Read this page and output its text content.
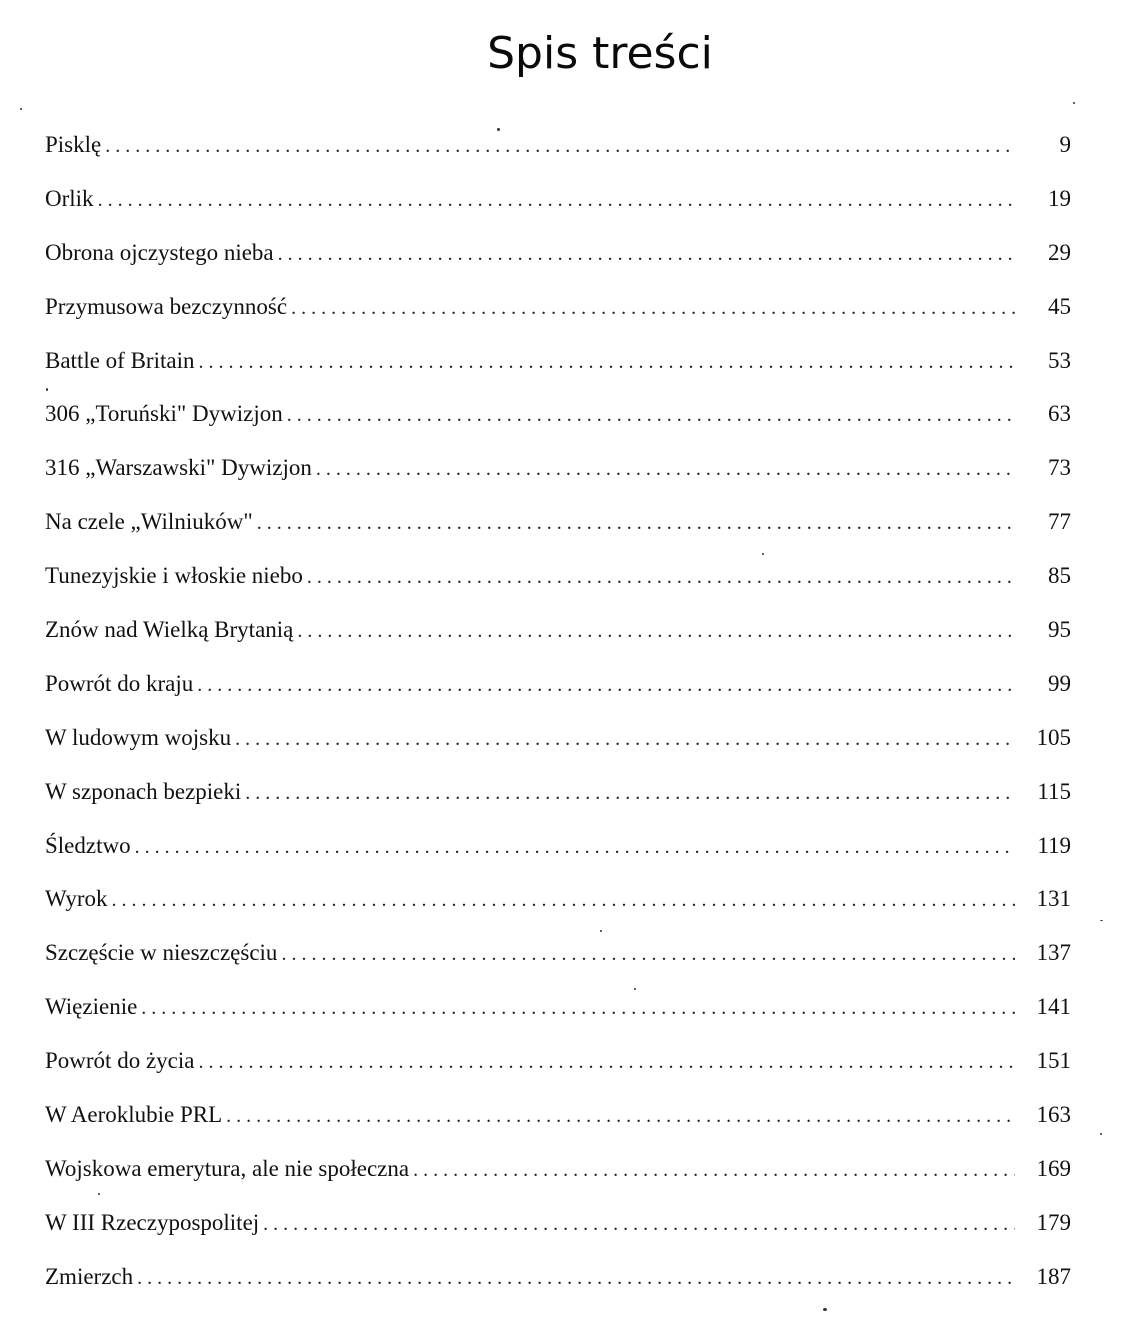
Spis treści
Pisklę . . .	9
Orlik . . .	19
Obrona ojczystego nieba . . .	29
Przymusowa bezczynność . . .	45
Battle of Britain . . .	53
306 „Toruński" Dywizjon . . .	63
316 „Warszawski" Dywizjon . . .	73
Na czele „Wilniuków" . . .	77
Tunezyjskie i włoskie niebo . . .	85
Znów nad Wielką Brytanią . . .	95
Powrót do kraju . . .	99
W ludowym wojsku . . .	105
W szponach bezpieki . . .	115
Śledztwo . . .	119
Wyrok . . .	131
Szczęście w nieszczęściu . . .	137
Więzienie . . .	141
Powrót do życia . . .	151
W Aeroklubie PRL . . .	163
Wojskowa emerytura, ale nie społeczna . . .	169
W III Rzeczypospolitej . . .	179
Zmierzch . . .	187
